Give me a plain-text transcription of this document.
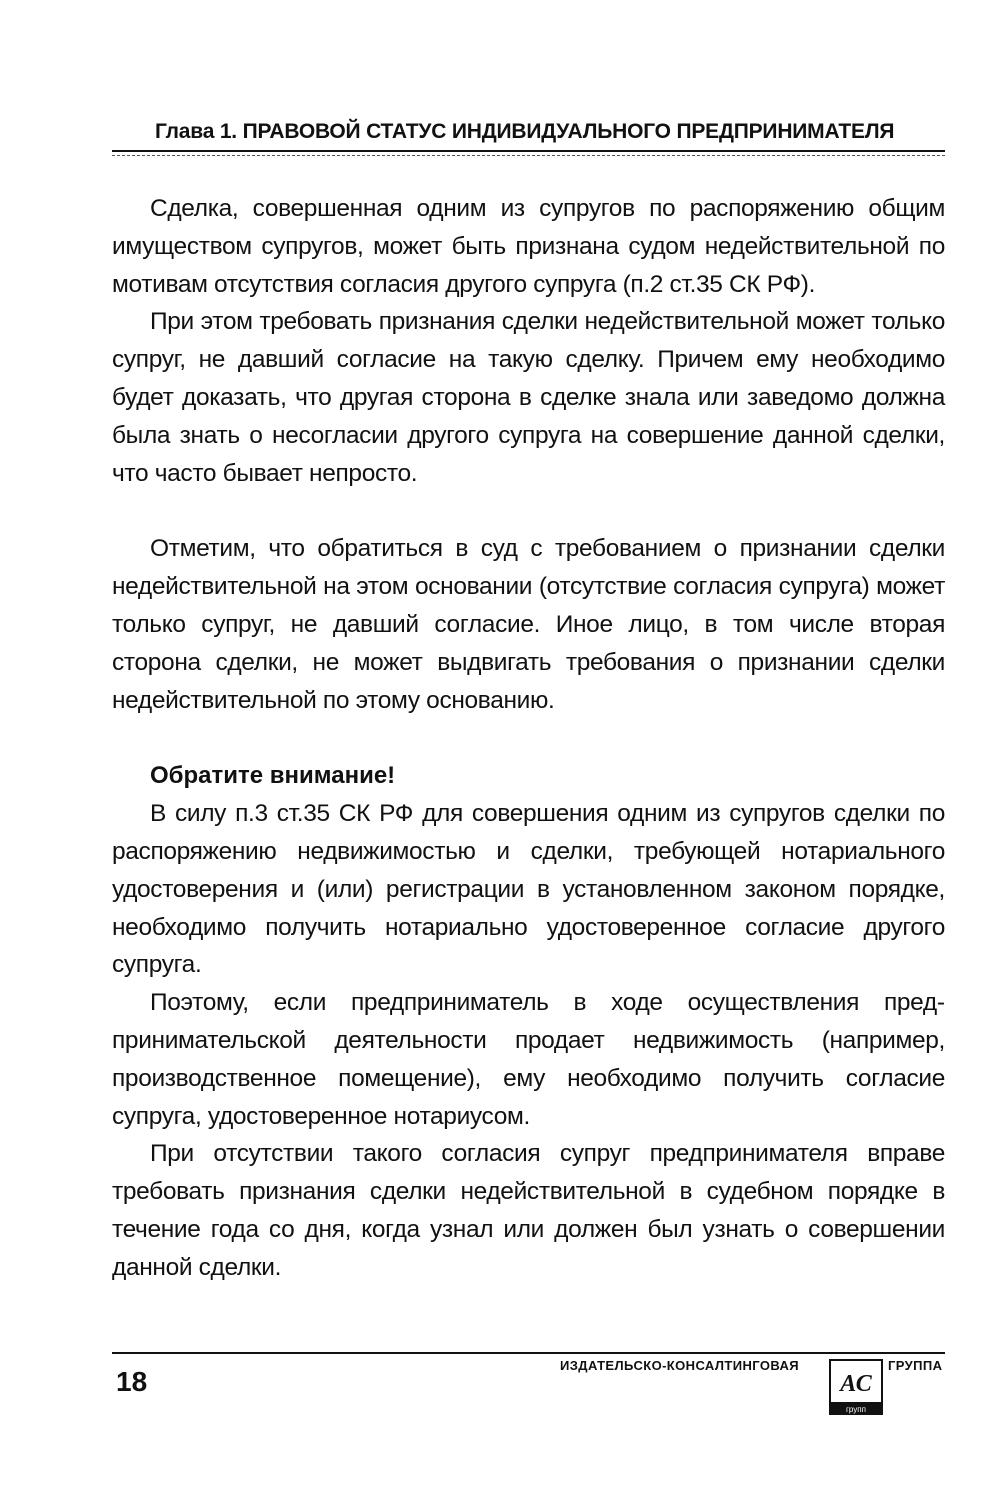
Глава 1. ПРАВОВОЙ СТАТУС ИНДИВИДУАЛЬНОГО ПРЕДПРИНИМАТЕЛЯ

Сделка, совершенная одним из супругов по распоряжению общим имуществом супругов, может быть признана судом недействительной по мотивам отсутствия согласия другого супруга (п.2 ст.35 СК РФ).

При этом требовать признания сделки недействительной может только супруг, не давший согласие на такую сделку. Причем ему необходимо будет доказать, что другая сторона в сделке знала или заведомо должна была знать о несогласии другого супруга на совершение данной сделки, что часто бывает непросто.

Отметим, что обратиться в суд с требованием о признании сделки недействительной на этом основании (отсутствие согласия супруга) может только супруг, не давший согласие. Иное лицо, в том числе вторая сторона сделки, не может выдвигать требования о признании сделки недействительной по этому основанию.

Обратите внимание!

В силу п.3 ст.35 СК РФ для совершения одним из супругов сделки по распоряжению недвижимостью и сделки, требующей нотариального удостоверения и (или) регистрации в установленном законом порядке, необходимо получить нотариально удостоверенное согласие другого супруга.

Поэтому, если предприниматель в ходе осуществления предпринимательской деятельности продает недвижимость (например, производственное помещение), ему необходимо получить согласие супруга, удостоверенное нотариусом.

При отсутствии такого согласия супруг предпринимателя вправе требовать признания сделки недействительной в судебном порядке в течение года со дня, когда узнал или должен был узнать о совершении данной сделки.

18
ИЗДАТЕЛЬСКО-КОНСАЛТИНГОВАЯ
АС
групп
ГРУППА
